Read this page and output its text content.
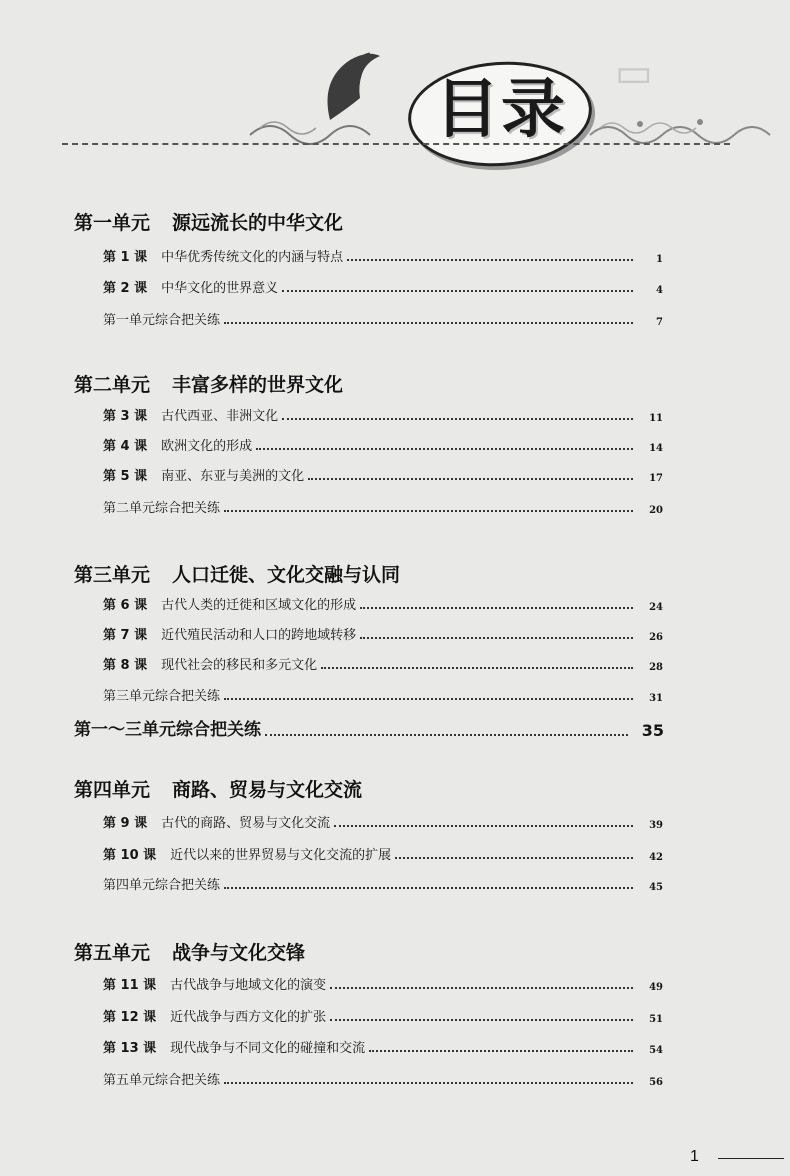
▭
目录
第一单元 源远流长的中华文化
第 1 课 中华优秀传统文化的内涵与特点	1
第 2 课 中华文化的世界意义	4
第一单元综合把关练	7
第二单元 丰富多样的世界文化
第 3 课 古代西亚、非洲文化	11
第 4 课 欧洲文化的形成	14
第 5 课 南亚、东亚与美洲的文化	17
第二单元综合把关练	20
第三单元 人口迁徙、文化交融与认同
第 6 课 古代人类的迁徙和区域文化的形成	24
第 7 课 近代殖民活动和人口的跨地域转移	26
第 8 课 现代社会的移民和多元文化	28
第三单元综合把关练	31
第一～三单元综合把关练	35
第四单元 商路、贸易与文化交流
第 9 课 古代的商路、贸易与文化交流	39
第 10 课 近代以来的世界贸易与文化交流的扩展	42
第四单元综合把关练	45
第五单元 战争与文化交锋
第 11 课 古代战争与地域文化的演变	49
第 12 课 近代战争与西方文化的扩张	51
第 13 课 现代战争与不同文化的碰撞和交流	54
第五单元综合把关练	56
1
